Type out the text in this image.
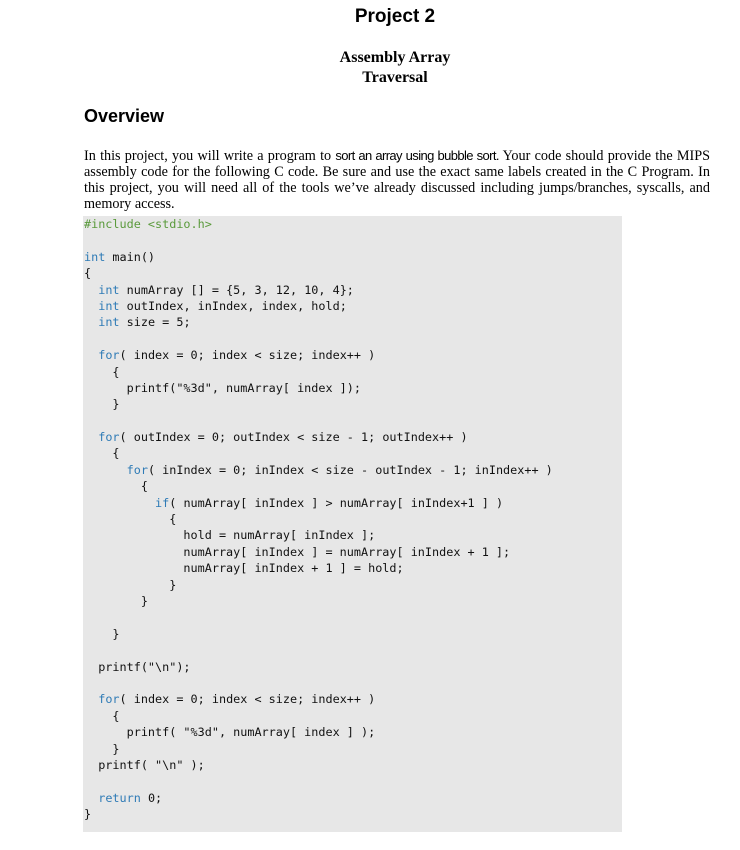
Project 2
Assembly Array
Traversal
Overview
In this project, you will write a program to sort an array using bubble sort. Your code should provide the MIPS assembly code for the following C code. Be sure and use the exact same labels created in the C Program. In this project, you will need all of the tools we’ve already discussed including jumps/branches, syscalls, and memory access.
#include <stdio.h>

int main()
{
int numArray [] = {5, 3, 12, 10, 4};
int outIndex, inIndex, index, hold;
int size = 5;

for( index = 0; index < size; index++ )
{
printf("%3d", numArray[ index ]);
}

for( outIndex = 0; outIndex < size - 1; outIndex++ )
{
for( inIndex = 0; inIndex < size - outIndex - 1; inIndex++ )
{
if( numArray[ inIndex ] > numArray[ inIndex+1 ] )
{
hold = numArray[ inIndex ];
numArray[ inIndex ] = numArray[ inIndex + 1 ];
numArray[ inIndex + 1 ] = hold;
}
}

}

printf("\n");

for( index = 0; index < size; index++ )
{
printf( "%3d", numArray[ index ] );
}
printf( "\n" );

return 0;
}
